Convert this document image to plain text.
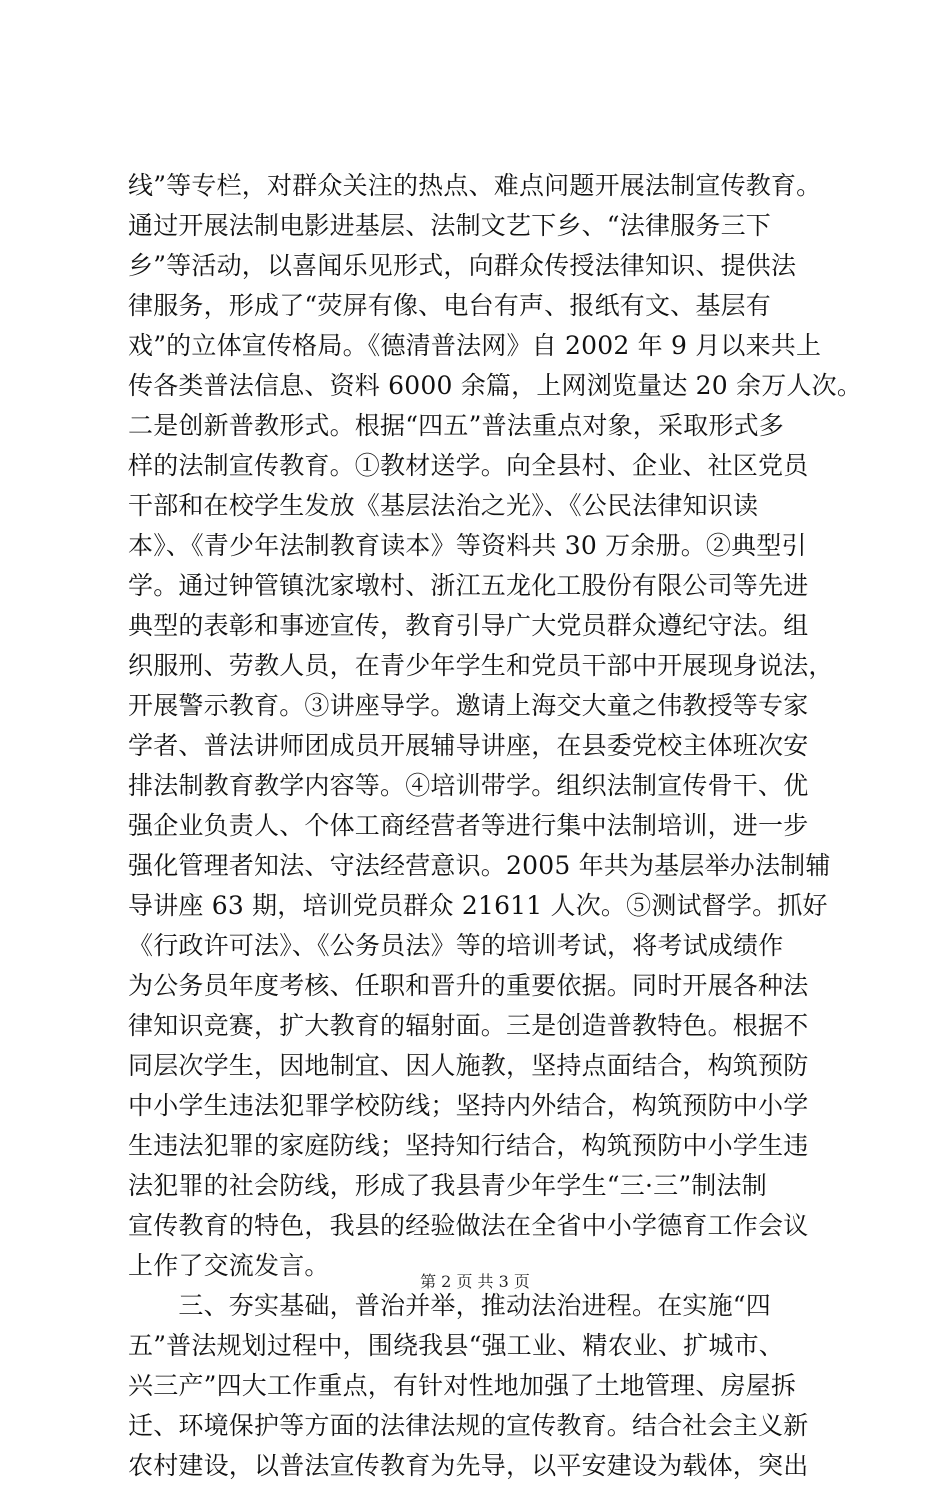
线”等专栏，对群众关注的热点、难点问题开展法制宣传教育。
通过开展法制电影进基层、法制文艺下乡、“法律服务三下
乡”等活动，以喜闻乐见形式，向群众传授法律知识、提供法
律服务，形成了“荧屏有像、电台有声、报纸有文、基层有
戏”的立体宣传格局。《德清普法网》自 2002 年 9 月以来共上
传各类普法信息、资料 6000 余篇，上网浏览量达 20 余万人次。
二是创新普教形式。根据“四五”普法重点对象，采取形式多
样的法制宣传教育。①教材送学。向全县村、企业、社区党员
干部和在校学生发放《基层法治之光》、《公民法律知识读
本》、《青少年法制教育读本》等资料共 30 万余册。②典型引
学。通过钟管镇沈家墩村、浙江五龙化工股份有限公司等先进
典型的表彰和事迹宣传，教育引导广大党员群众遵纪守法。组
织服刑、劳教人员，在青少年学生和党员干部中开展现身说法，
开展警示教育。③讲座导学。邀请上海交大童之伟教授等专家
学者、普法讲师团成员开展辅导讲座，在县委党校主体班次安
排法制教育教学内容等。④培训带学。组织法制宣传骨干、优
强企业负责人、个体工商经营者等进行集中法制培训，进一步
强化管理者知法、守法经营意识。2005 年共为基层举办法制辅
导讲座 63 期，培训党员群众 21611 人次。⑤测试督学。抓好
《行政许可法》、《公务员法》等的培训考试，将考试成绩作
为公务员年度考核、任职和晋升的重要依据。同时开展各种法
律知识竞赛，扩大教育的辐射面。三是创造普教特色。根据不
同层次学生，因地制宜、因人施教，坚持点面结合，构筑预防
中小学生违法犯罪学校防线；坚持内外结合，构筑预防中小学
生违法犯罪的家庭防线；坚持知行结合，构筑预防中小学生违
法犯罪的社会防线，形成了我县青少年学生“三·三”制法制
宣传教育的特色，我县的经验做法在全省中小学德育工作会议
上作了交流发言。
　　三、夯实基础，普治并举，推动法治进程。在实施“四
五”普法规划过程中，围绕我县“强工业、精农业、扩城市、
兴三产”四大工作重点，有针对性地加强了土地管理、房屋拆
迁、环境保护等方面的法律法规的宣传教育。结合社会主义新
农村建设，以普法宣传教育为先导，以平安建设为载体，突出
第 2 页 共 3 页
